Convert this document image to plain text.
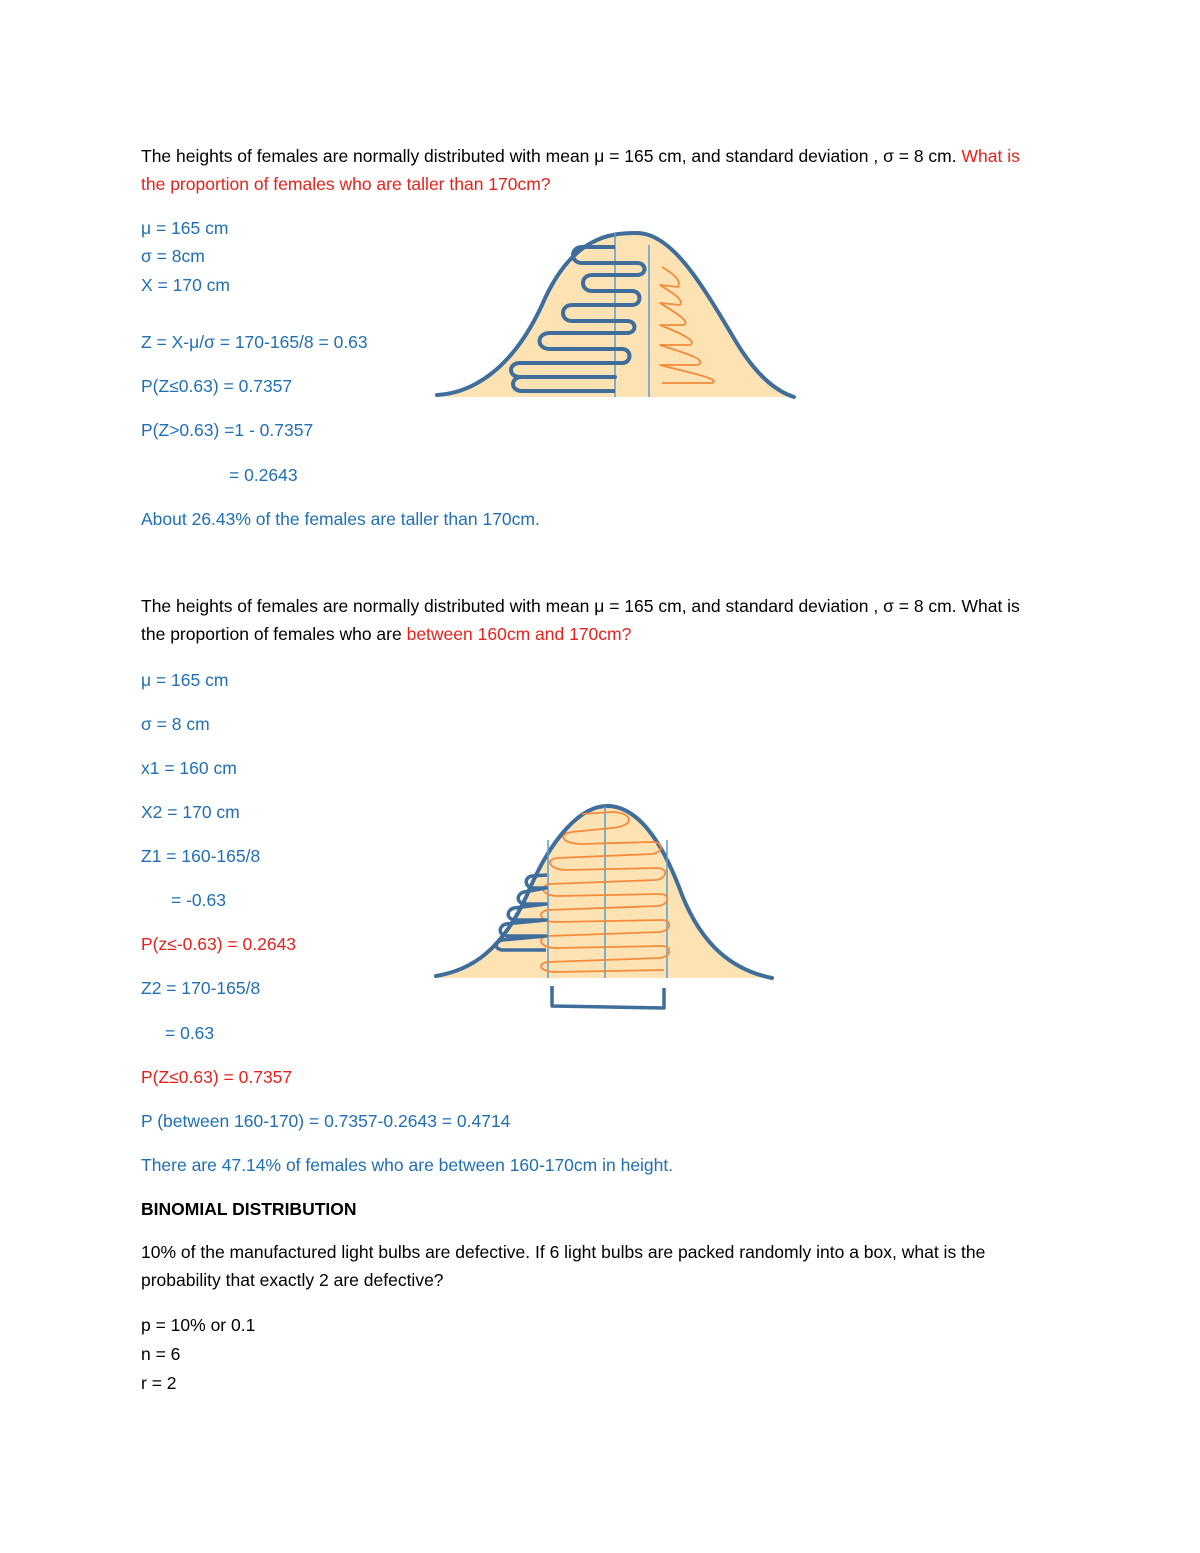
The heights of females are normally distributed with mean μ = 165 cm, and standard deviation , σ = 8 cm. What is the proportion of females who are taller than 170cm?
μ = 165 cm
σ = 8cm
X = 170 cm
Z = X-μ/σ = 170-165/8 = 0.63
P(Z≤0.63) = 0.7357
P(Z>0.63) =1 - 0.7357
= 0.2643
About 26.43% of the females are taller than 170cm.
The heights of females are normally distributed with mean μ = 165 cm, and standard deviation , σ = 8 cm. What is the proportion of females who are between 160cm and 170cm?
μ = 165 cm
σ = 8 cm
x1 = 160 cm
X2 = 170 cm
Z1 = 160-165/8
= -0.63
P(z≤-0.63) = 0.2643
Z2 = 170-165/8
= 0.63
P(Z≤0.63) = 0.7357
P (between 160-170) = 0.7357-0.2643 = 0.4714
There are 47.14% of females who are between 160-170cm in height.
BINOMIAL DISTRIBUTION
10% of the manufactured light bulbs are defective. If 6 light bulbs are packed randomly into a box, what is the probability that exactly 2 are defective?
p = 10% or 0.1
n = 6
r = 2
